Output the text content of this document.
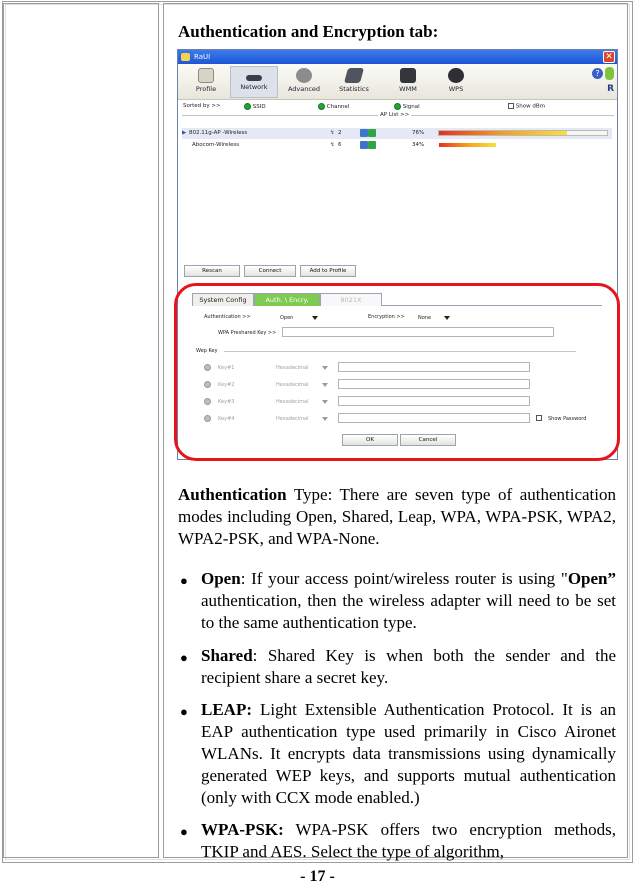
Authentication and Encryption tab:
RaUI	✕
Profile	Network	Advanced	Statistics	WMM	WPS
?
R
Sorted by >>	SSID	Channel	Signal	Show dBm
AP List >>
▶ 802.11g-AP -Wireless	↯ 2	76%
Abocom-Wireless	↯ 6	34%
Rescan	Connect	Add to Profile
System Config	Auth. \ Encry.	8021X
Authentication >>	Open	Encryption >>	None
WPA Preshared Key >>
Wep Key
Key#1	Hexadecimal
Key#2	Hexadecimal
Key#3	Hexadecimal
Key#4	Hexadecimal	Show Password
OK	Cancel
Authentication Type: There are seven type of authentication modes including Open, Shared, Leap, WPA, WPA-PSK, WPA2, WPA2-PSK, and WPA-None.
● Open: If your access point/wireless router is using "Open” authentication, then the wireless adapter will need to be set to the same authentication type.
● Shared: Shared Key is when both the sender and the recipient share a secret key.
● LEAP: Light Extensible Authentication Protocol. It is an EAP authentication type used primarily in Cisco Aironet WLANs. It encrypts data transmissions using dynamically generated WEP keys, and supports mutual authentication (only with CCX mode enabled.)
● WPA-PSK: WPA-PSK offers two encryption methods, TKIP and AES. Select the type of algorithm,
- 17 -
